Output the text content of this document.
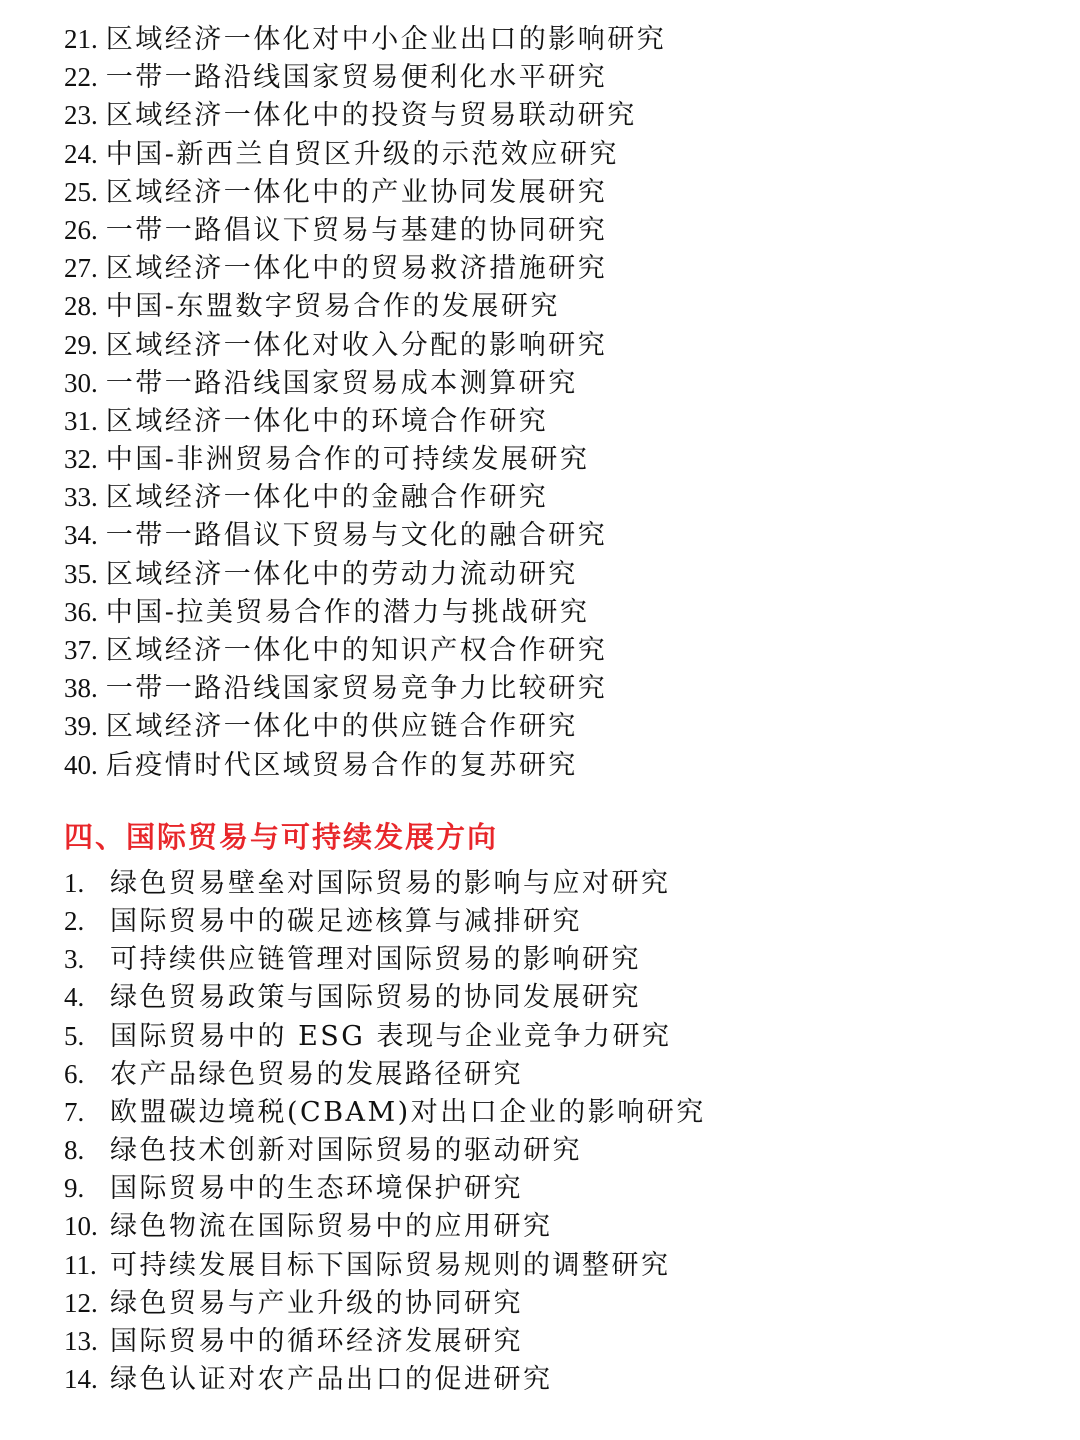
21. 区域经济一体化对中小企业出口的影响研究
22. 一带一路沿线国家贸易便利化水平研究
23. 区域经济一体化中的投资与贸易联动研究
24. 中国-新西兰自贸区升级的示范效应研究
25. 区域经济一体化中的产业协同发展研究
26. 一带一路倡议下贸易与基建的协同研究
27. 区域经济一体化中的贸易救济措施研究
28. 中国-东盟数字贸易合作的发展研究
29. 区域经济一体化对收入分配的影响研究
30. 一带一路沿线国家贸易成本测算研究
31. 区域经济一体化中的环境合作研究
32. 中国-非洲贸易合作的可持续发展研究
33. 区域经济一体化中的金融合作研究
34. 一带一路倡议下贸易与文化的融合研究
35. 区域经济一体化中的劳动力流动研究
36. 中国-拉美贸易合作的潜力与挑战研究
37. 区域经济一体化中的知识产权合作研究
38. 一带一路沿线国家贸易竞争力比较研究
39. 区域经济一体化中的供应链合作研究
40. 后疫情时代区域贸易合作的复苏研究
四、国际贸易与可持续发展方向
1. 绿色贸易壁垒对国际贸易的影响与应对研究
2. 国际贸易中的碳足迹核算与减排研究
3. 可持续供应链管理对国际贸易的影响研究
4. 绿色贸易政策与国际贸易的协同发展研究
5. 国际贸易中的 ESG 表现与企业竞争力研究
6. 农产品绿色贸易的发展路径研究
7. 欧盟碳边境税(CBAM)对出口企业的影响研究
8. 绿色技术创新对国际贸易的驱动研究
9. 国际贸易中的生态环境保护研究
10. 绿色物流在国际贸易中的应用研究
11. 可持续发展目标下国际贸易规则的调整研究
12. 绿色贸易与产业升级的协同研究
13. 国际贸易中的循环经济发展研究
14. 绿色认证对农产品出口的促进研究
